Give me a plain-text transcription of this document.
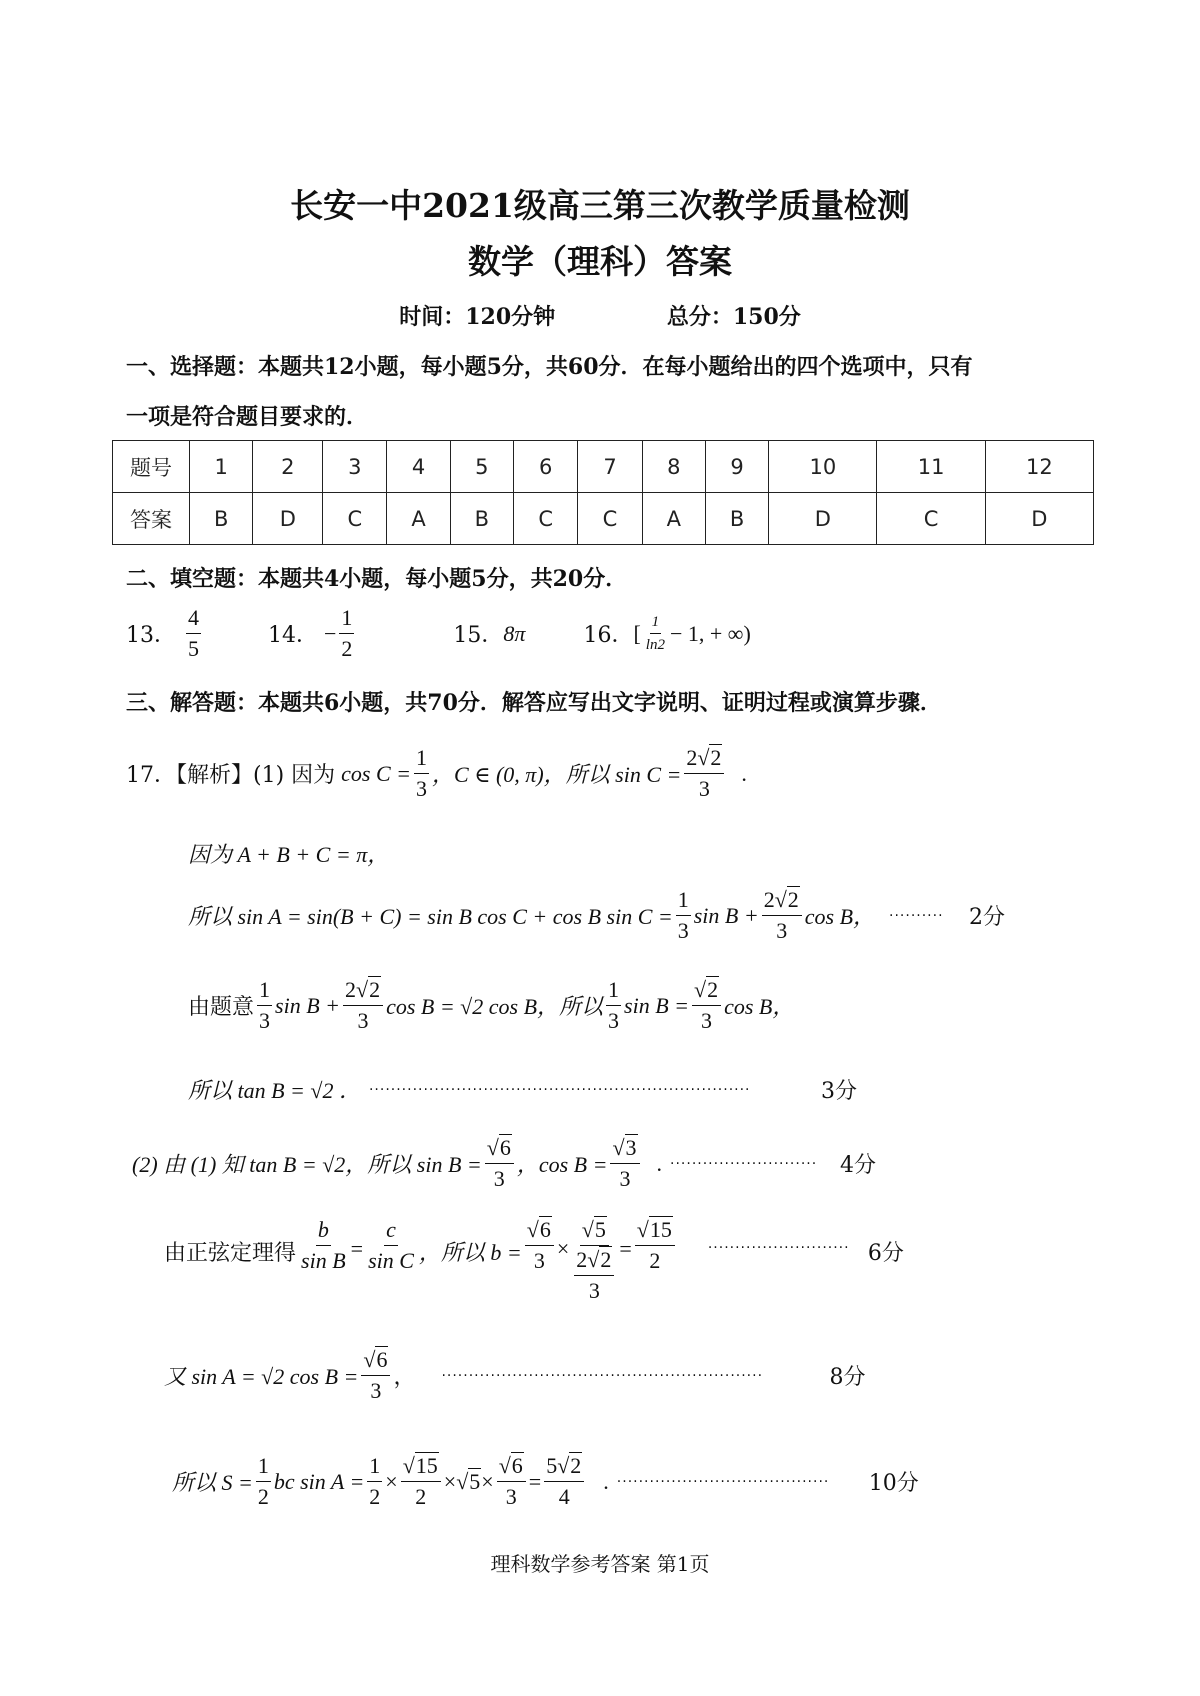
长安一中2021级高三第三次教学质量检测
数学（理科）答案
时间：120分钟	总分：150分
一、选择题：本题共12小题，每小题5分，共60分．在每小题给出的四个选项中，只有
一项是符合题目要求的．
题号	1	2	3	4	5	6	7	8	9	10	11	12
答案	B	D	C	A	B	C	C	A	B	D	C	D
二、填空题：本题共4小题，每小题5分，共20分．
13． $\frac{4}{5}$	14． − $\frac{1}{2}$	15． 8π	16． [ $\frac{1}{\ln 2} - 1$, + ∞)
三、解答题：本题共6小题，共70分．解答应写出文字说明、证明过程或演算步骤．
17．【解析】(1) 因为 $\cos C = \frac{1}{3}$ ，C ∈ (0, π)，所以 $\sin C = \frac{2√2}{3}$ .
因为 A + B + C = π，
所以 sin A = sin(B + C) = sin B cos C + cos B $\sin C = \frac{1}{3}$ $\sin B + \frac{2√2}{3}$ cos B， ··········	2分
由题意 $\frac{1}{3}$ $\sin B + \frac{2√2}{3}$ cos B = √2 cos B，所以 $\frac{1}{3}$ $\sin B = \frac{√2}{3}$ cos B，
所以 tan B = √2 ． ······································································	3分
(2) 由 (1) 知 tan B = √2，所以 $\sin B = \frac{√6}{3}$ ，$\cos B = \frac{√3}{3}$ . ···························	4分
由正弦定理得 $\frac{b}{\text{sin B}} = \frac{c}{\text{sin C}}$ ，所以 $b = \frac{√6}{3} \times √5$
2√2
$3 = \frac{√15}{2}$ ·························· 6分
又 sin A = √2 $\cos B = \frac{√6}{3}$ ， ···························································	8分
所以 $S = \frac{1}{2}$ bc $\sin A = \frac{1}{2} \times \frac{√15}{2} \times√5\times \frac{√6}{3} = \frac{5√2}{4}$ . ·······································	10分
理科数学参考答案 第1页
